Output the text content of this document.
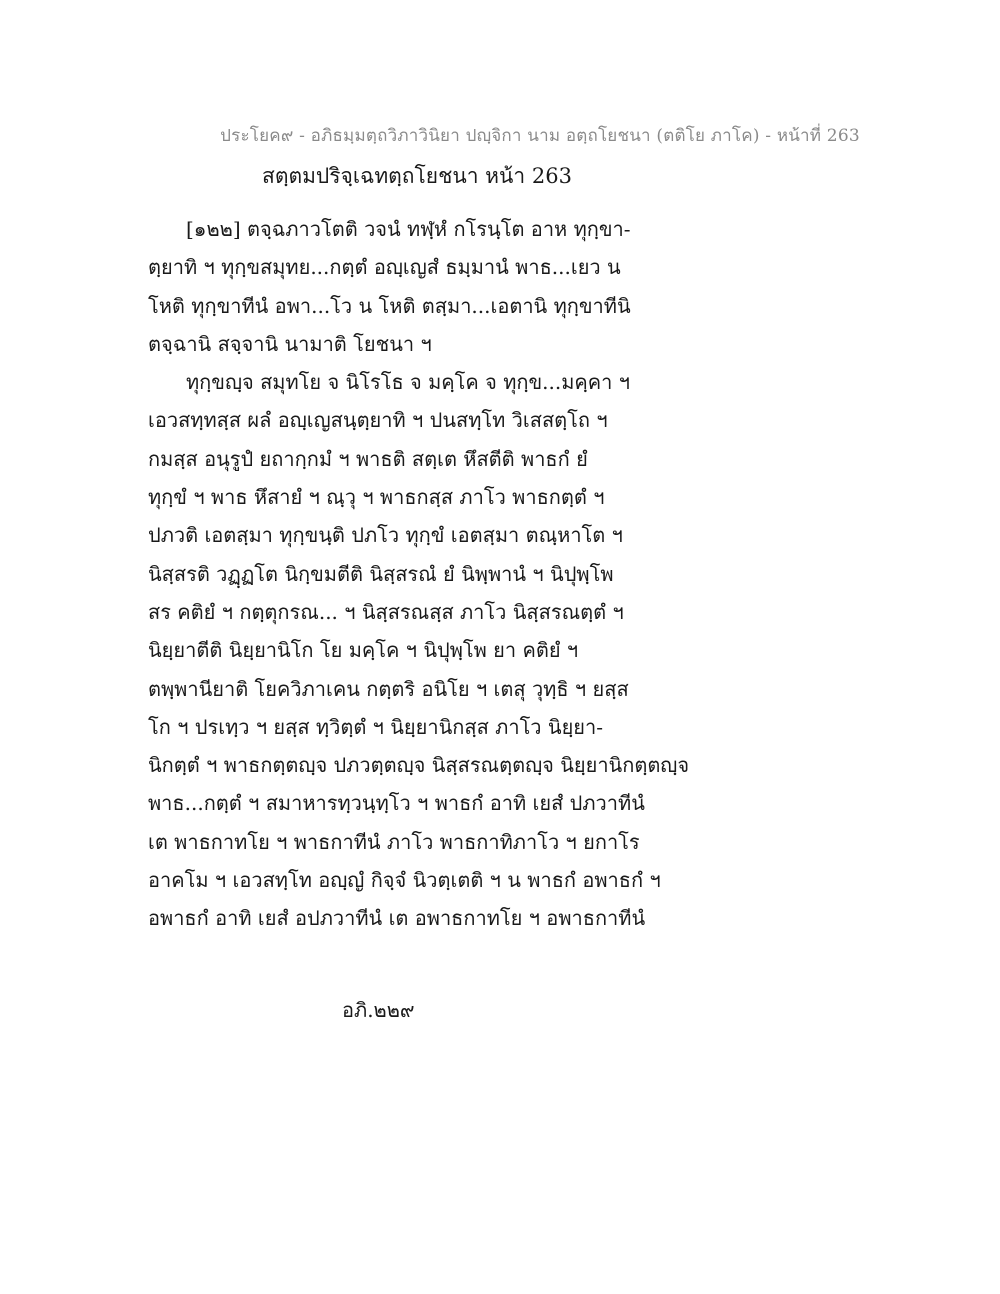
ประโยค๙ - อภิธมฺมตฺถวิภาวินิยา ปญฺจิกา นาม อตฺถโยชนา (ตติโย ภาโค) - หน้าที่ 263
สตฺตมปริจฺเฉทตฺถโยชนา หน้า 263
[๑๒๒] ตจฺฉภาวโตติ วจนํ ทฬฺหํ กโรนฺโต อาห ทุกฺขา-
ตฺยาทิ ฯ ทุกฺขสมุทย...กตฺตํ อญฺเญสํ ธมฺมานํ พาธ...เยว น
โหติ ทุกฺขาทีนํ อพา...โว น โหติ ตสฺมา...เอตานิ ทุกฺขาทีนิ
ตจฺฉานิ สจฺจานิ นามาติ โยชนา ฯ
ทุกฺขญฺจ สมุทโย จ นิโรโธ จ มคฺโค จ ทุกฺข...มคฺคา ฯ
เอวสทฺทสฺส ผลํ อญฺเญสนฺตฺยาทิ ฯ ปนสทฺโท วิเสสตฺโถ ฯ
กมสฺส อนุรูปํ ยถากฺกมํ ฯ พาธติ สตฺเต หึสตีติ พาธกํ ยํ
ทุกฺขํ ฯ พาธ หึสายํ ฯ ณฺวุ ฯ พาธกสฺส ภาโว พาธกตฺตํ ฯ
ปภวติ เอตสฺมา ทุกฺขนฺติ ปภโว ทุกฺขํ เอตสฺมา ตณฺหาโต ฯ
นิสฺสรติ วฏฺฏโต นิกฺขมตีติ นิสฺสรณํ ยํ นิพฺพานํ ฯ นิปุพฺโพ
สร คติยํ ฯ กตฺตุกรณ... ฯ นิสฺสรณสฺส ภาโว นิสฺสรณตฺตํ ฯ
นิยฺยาตีติ นิยฺยานิโก โย มคฺโค ฯ นิปุพฺโพ ยา คติยํ ฯ
ตพฺพานียาติ โยควิภาเคน กตฺตริ อนิโย ฯ เตสุ วุทฺธิ ฯ ยสฺส
โก ฯ ปรเทฺว ฯ ยสฺส ทฺวิตฺตํ ฯ นิยฺยานิกสฺส ภาโว นิยฺยา-
นิกตฺตํ ฯ พาธกตฺตญฺจ ปภวตฺตญฺจ นิสฺสรณตฺตญฺจ นิยฺยานิกตฺตญฺจ
พาธ...กตฺตํ ฯ สมาหารทฺวนฺทฺโว ฯ พาธกํ อาทิ เยสํ ปภวาทีนํ
เต พาธกาทโย ฯ พาธกาทีนํ ภาโว พาธกาทิภาโว ฯ ยกาโร
อาคโม ฯ เอวสทฺโท อญฺญํ กิจฺจํ นิวตฺเตติ ฯ น พาธกํ อพาธกํ ฯ
อพาธกํ อาทิ เยสํ อปภวาทีนํ เต อพาธกาทโย ฯ อพาธกาทีนํ
อภิ.๒๒๙
